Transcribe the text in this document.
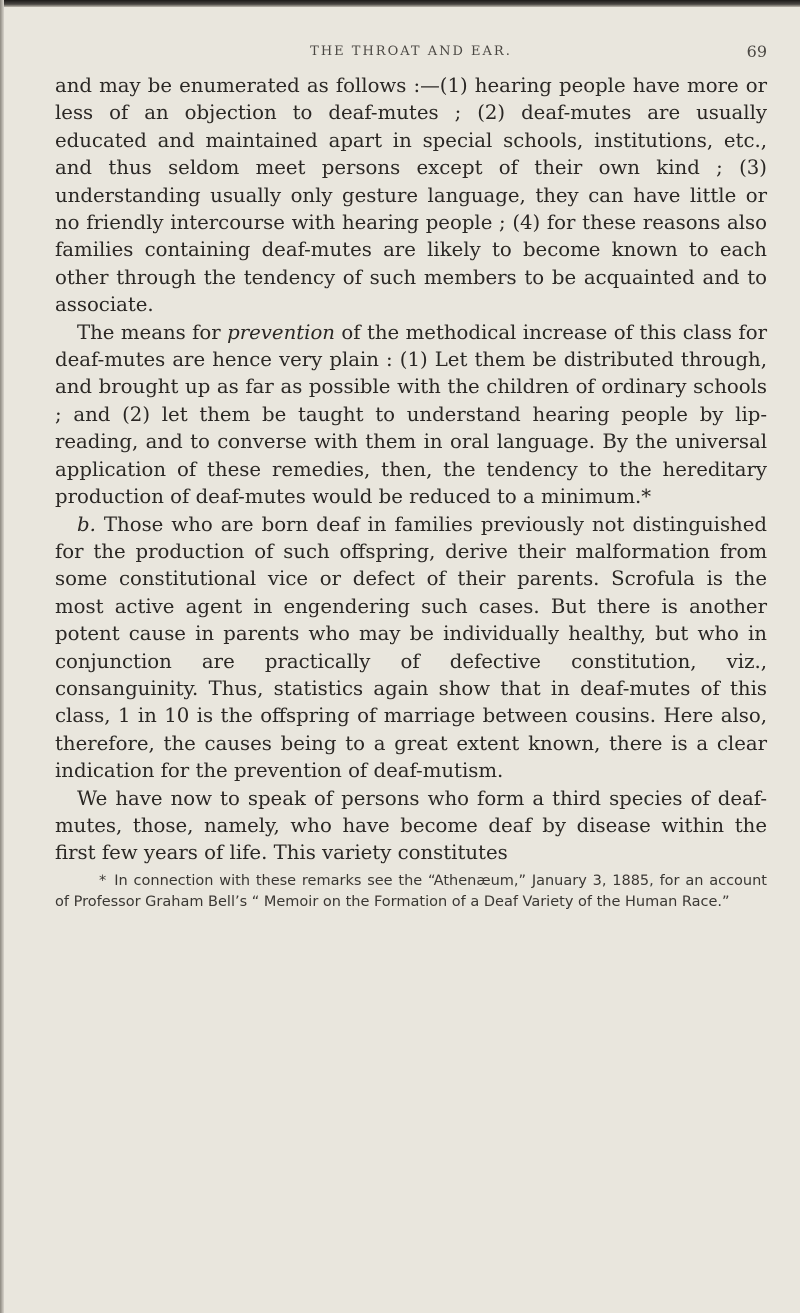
THE THROAT AND EAR.	69

and may be enumerated as follows :—(1) hearing people have more or less of an objection to deaf-mutes ; (2) deaf-mutes are usually educated and maintained apart in special schools, institutions, etc., and thus seldom meet persons except of their own kind ; (3) understanding usually only gesture language, they can have little or no friendly intercourse with hearing people ; (4) for these reasons also families containing deaf-mutes are likely to become known to each other through the tendency of such members to be acquainted and to associate.

The means for prevention of the methodical increase of this class for deaf-mutes are hence very plain : (1) Let them be distributed through, and brought up as far as possible with the children of ordinary schools ; and (2) let them be taught to understand hearing people by lip-reading, and to converse with them in oral language. By the universal application of these remedies, then, the tendency to the hereditary production of deaf-mutes would be reduced to a minimum.*

b. Those who are born deaf in families previously not distinguished for the production of such offspring, derive their malformation from some constitutional vice or defect of their parents. Scrofula is the most active agent in engendering such cases. But there is another potent cause in parents who may be individually healthy, but who in conjunction are practically of defective constitution, viz., consanguinity. Thus, statistics again show that in deaf-mutes of this class, 1 in 10 is the offspring of marriage between cousins. Here also, therefore, the causes being to a great extent known, there is a clear indication for the prevention of deaf-mutism.

We have now to speak of persons who form a third species of deaf-mutes, those, namely, who have become deaf by disease within the first few years of life. This variety constitutes

* In connection with these remarks see the “Athenæum,” January 3, 1885, for an account of Professor Graham Bell’s “ Memoir on the Formation of a Deaf Variety of the Human Race.”
